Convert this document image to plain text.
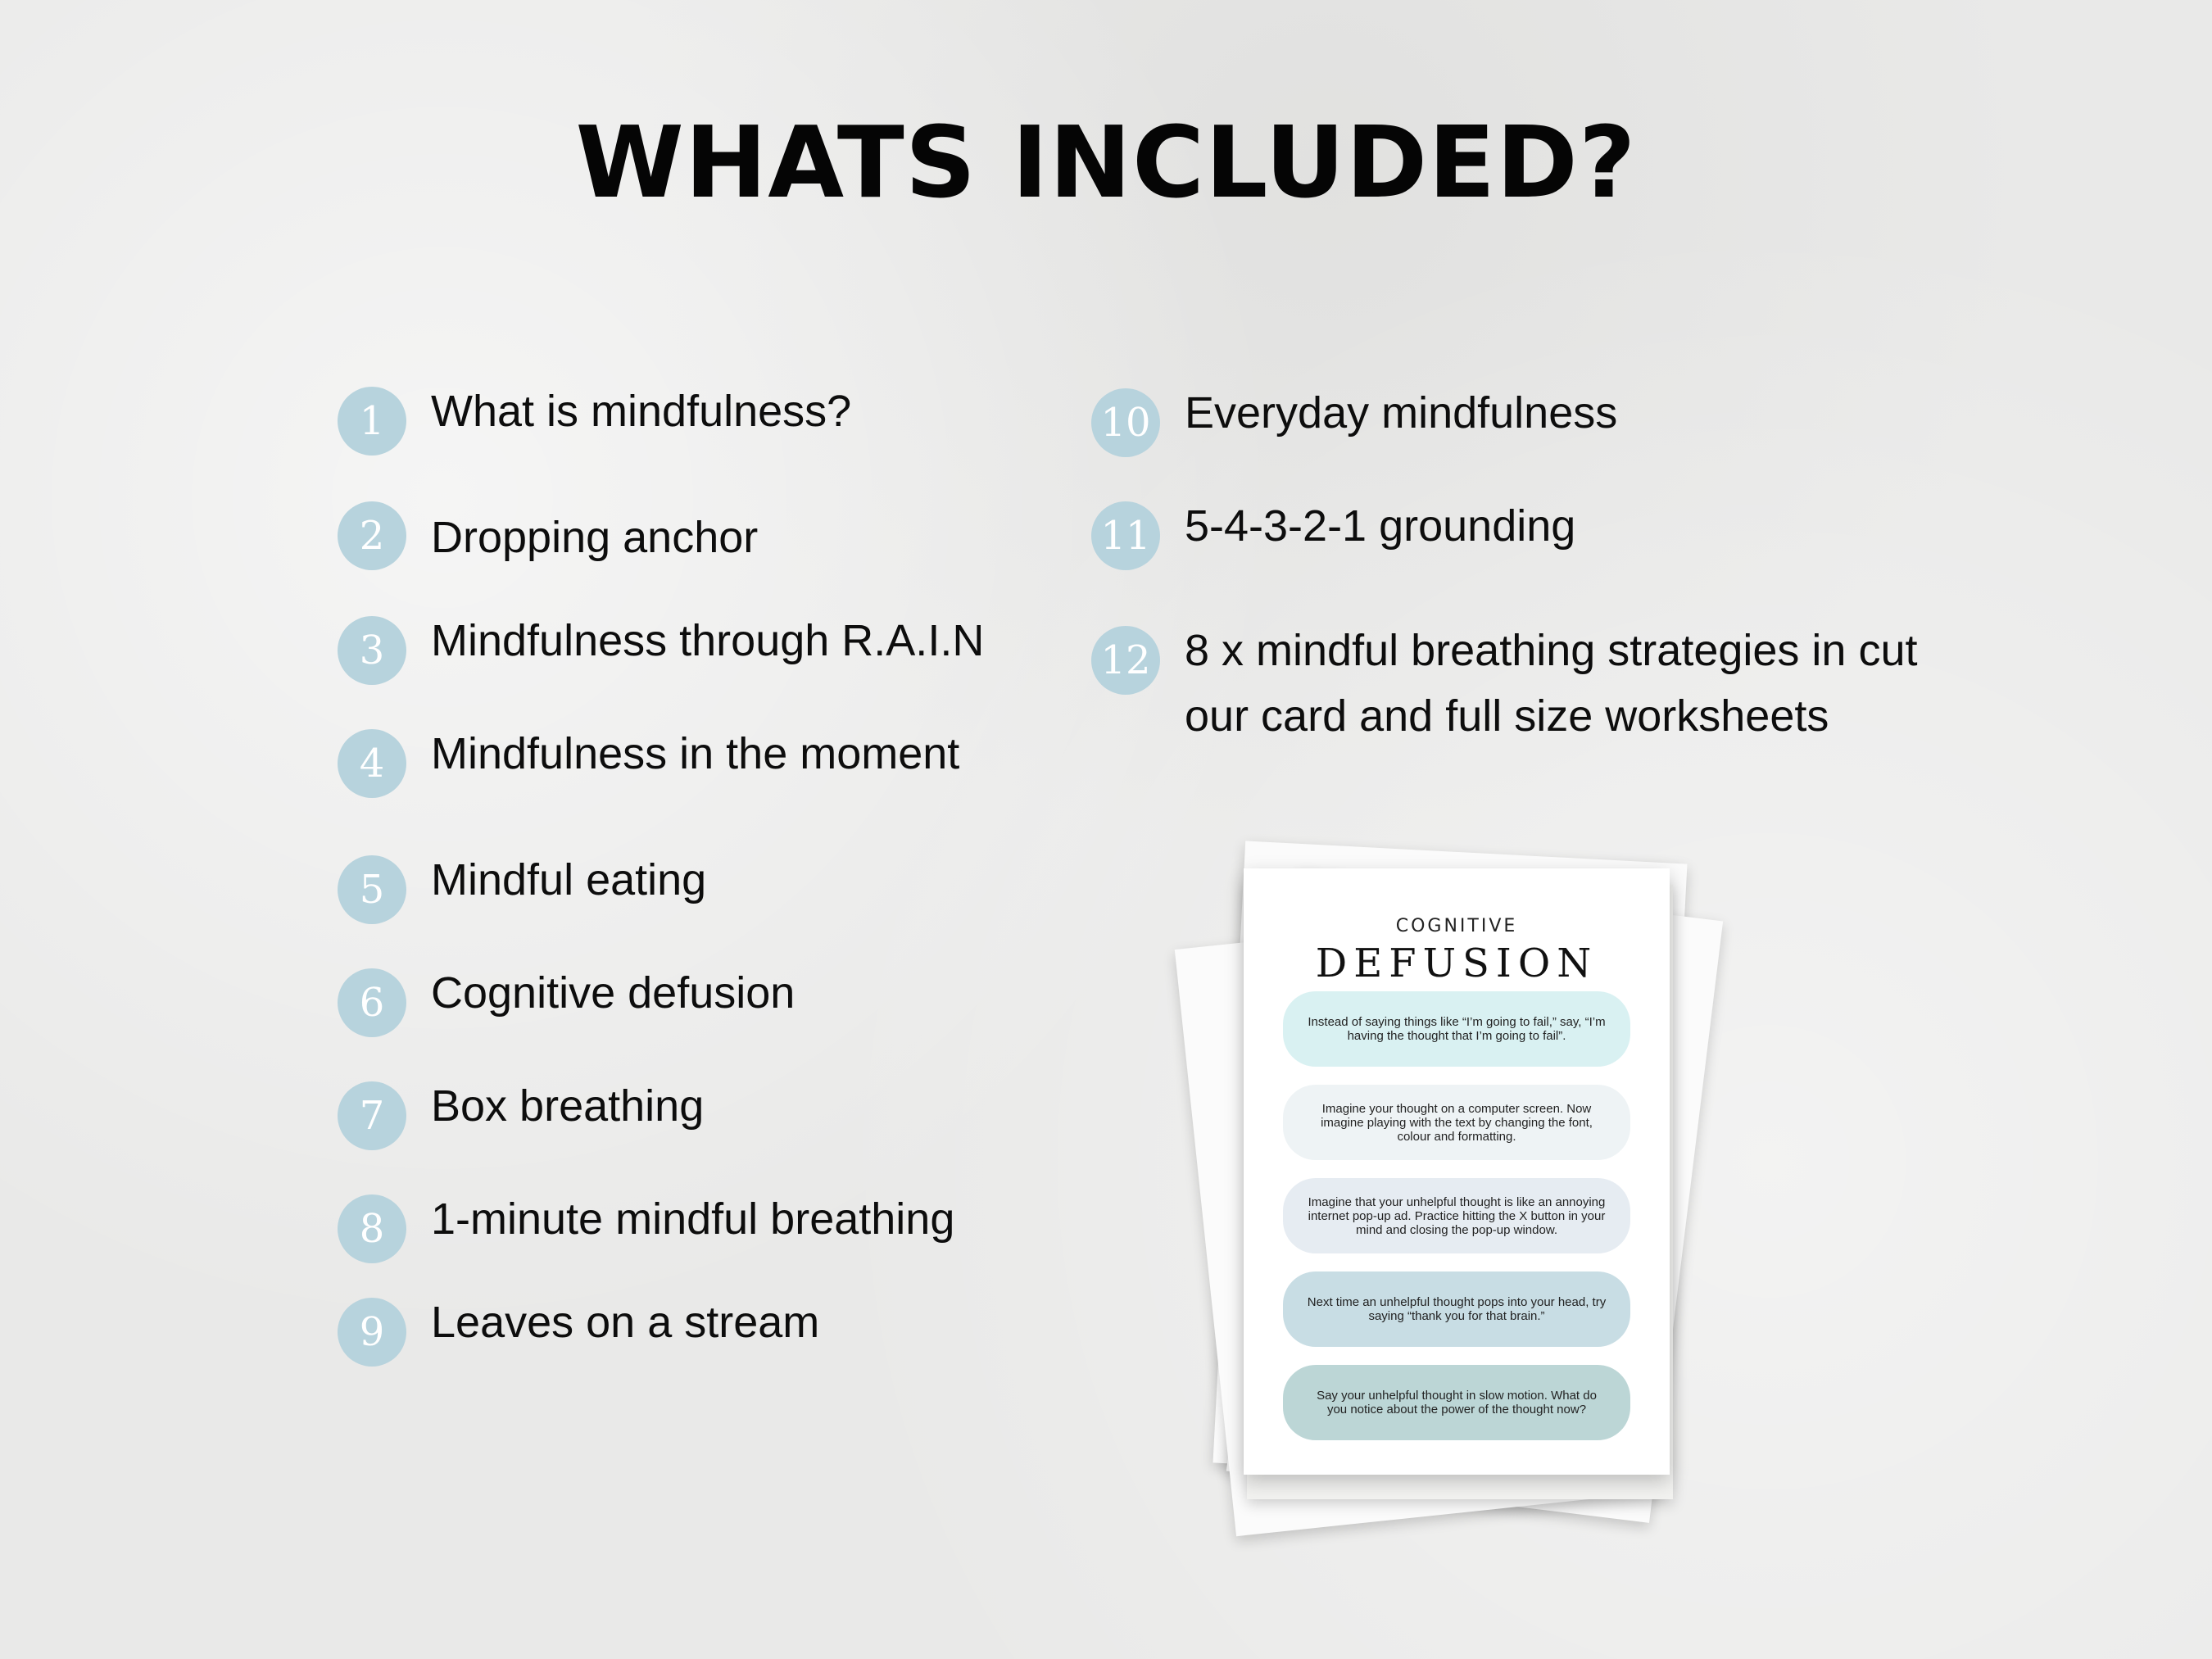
WHATS INCLUDED?
1	What is mindfulness?
2	Dropping anchor
3	Mindfulness through R.A.I.N
4	Mindfulness in the moment
5	Mindful eating
6	Cognitive defusion
7	Box breathing
8	1-minute mindful breathing
9	Leaves on a stream
10 Everyday mindfulness
11 5-4-3-2-1 grounding
12 8 x mindful breathing strategies in cut our card and full size worksheets
COGNITIVE
DEFUSION
Instead of saying things like “I’m going to fail,” say, “I’m having the thought that I’m going to fail”.
Imagine your thought on a computer screen. Now imagine playing with the text by changing the font, colour and formatting.
Imagine that your unhelpful thought is like an annoying internet pop-up ad. Practice hitting the X button in your mind and closing the pop-up window.
Next time an unhelpful thought pops into your head, try saying “thank you for that brain.”
Say your unhelpful thought in slow motion. What do you notice about the power of the thought now?
